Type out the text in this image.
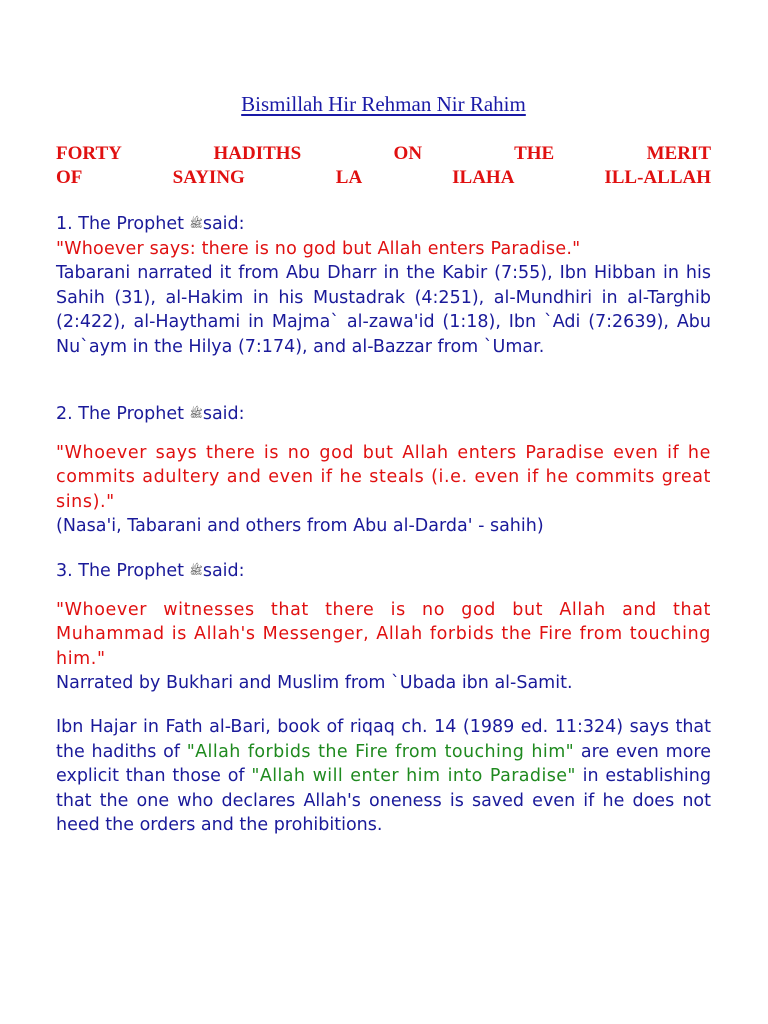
Bismillah Hir Rehman Nir Rahim
FORTY HADITHS ON THE MERIT
OF SAYING LA ILAHA ILL-ALLAH

1. The Prophet ﷺsaid:

"Whoever says: there is no god but Allah enters Paradise."

Tabarani narrated it from Abu Dharr in the Kabir (7:55), Ibn Hibban in his Sahih (31), al-Hakim in his Mustadrak (4:251), al-Mundhiri in al-Targhib (2:422), al-Haythami in Majma` al-zawa'id (1:18), Ibn `Adi (7:2639), Abu Nu`aym in the Hilya (7:174), and al-Bazzar from `Umar.

2. The Prophet ﷺsaid:

"Whoever says there is no god but Allah enters Paradise even if he commits adultery and even if he steals (i.e. even if he commits great sins)."

(Nasa'i, Tabarani and others from Abu al-Darda' - sahih)

3. The Prophet ﷺsaid:

"Whoever witnesses that there is no god but Allah and that Muhammad is Allah's Messenger, Allah forbids the Fire from touching him."

Narrated by Bukhari and Muslim from `Ubada ibn al-Samit.

Ibn Hajar in Fath al-Bari, book of riqaq ch. 14 (1989 ed. 11:324) says that the hadiths of "Allah forbids the Fire from touching him" are even more explicit than those of "Allah will enter him into Paradise" in establishing that the one who declares Allah's oneness is saved even if he does not heed the orders and the prohibitions.
